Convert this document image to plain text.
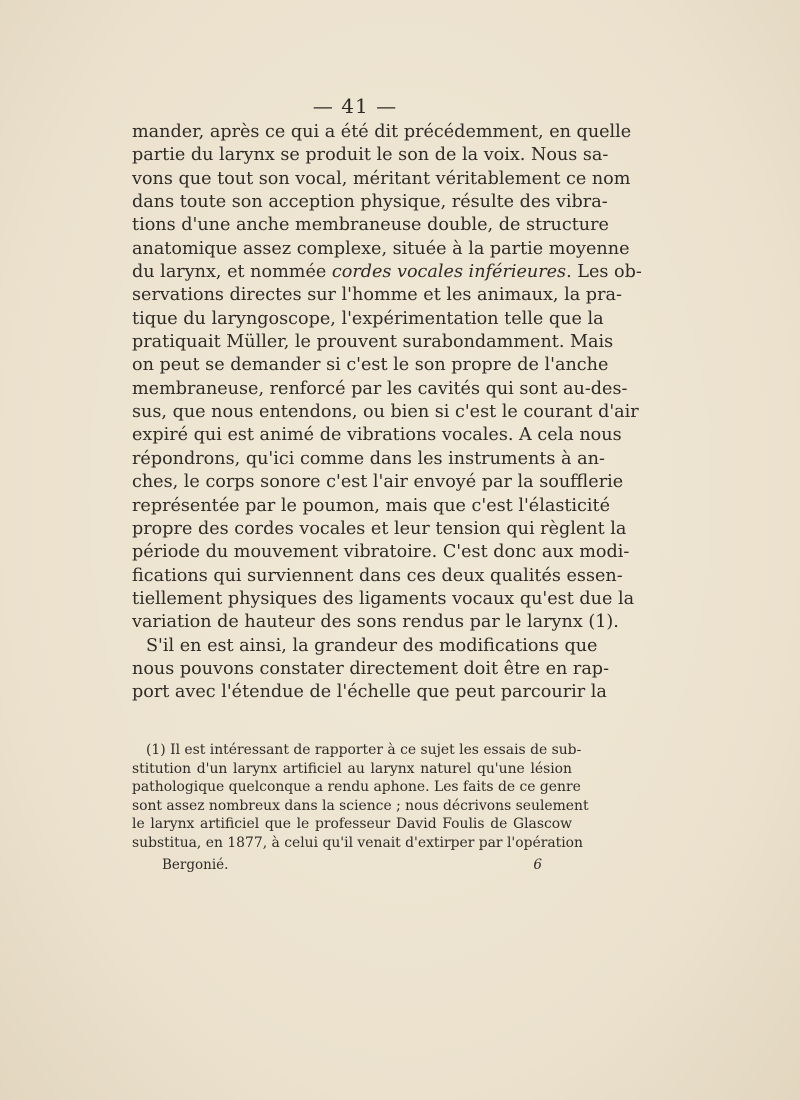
— 41 —
mander, après ce qui a été dit précédemment, en quelle
partie du larynx se produit le son de la voix. Nous sa-
vons que tout son vocal, méritant véritablement ce nom
dans toute son acception physique, résulte des vibra-
tions d'une anche membraneuse double, de structure
anatomique assez complexe, située à la partie moyenne
du larynx, et nommée cordes vocales inférieures. Les ob-
servations directes sur l'homme et les animaux, la pra-
tique du laryngoscope, l'expérimentation telle que la
pratiquait Müller, le prouvent surabondamment. Mais
on peut se demander si c'est le son propre de l'anche
membraneuse, renforcé par les cavités qui sont au-des-
sus, que nous entendons, ou bien si c'est le courant d'air
expiré qui est animé de vibrations vocales. A cela nous
répondrons, qu'ici comme dans les instruments à an-
ches, le corps sonore c'est l'air envoyé par la soufflerie
représentée par le poumon, mais que c'est l'élasticité
propre des cordes vocales et leur tension qui règlent la
période du mouvement vibratoire. C'est donc aux modi-
fications qui surviennent dans ces deux qualités essen-
tiellement physiques des ligaments vocaux qu'est due la
variation de hauteur des sons rendus par le larynx (1).
S'il en est ainsi, la grandeur des modifications que
nous pouvons constater directement doit être en rap-
port avec l'étendue de l'échelle que peut parcourir la
(1) Il est intéressant de rapporter à ce sujet les essais de sub-
stitution d'un larynx artificiel au larynx naturel qu'une lésion
pathologique quelconque a rendu aphone. Les faits de ce genre
sont assez nombreux dans la science ; nous décrivons seulement
le larynx artificiel que le professeur David Foulis de Glascow
substitua, en 1877, à celui qu'il venait d'extirper par l'opération
Bergonié.	6
